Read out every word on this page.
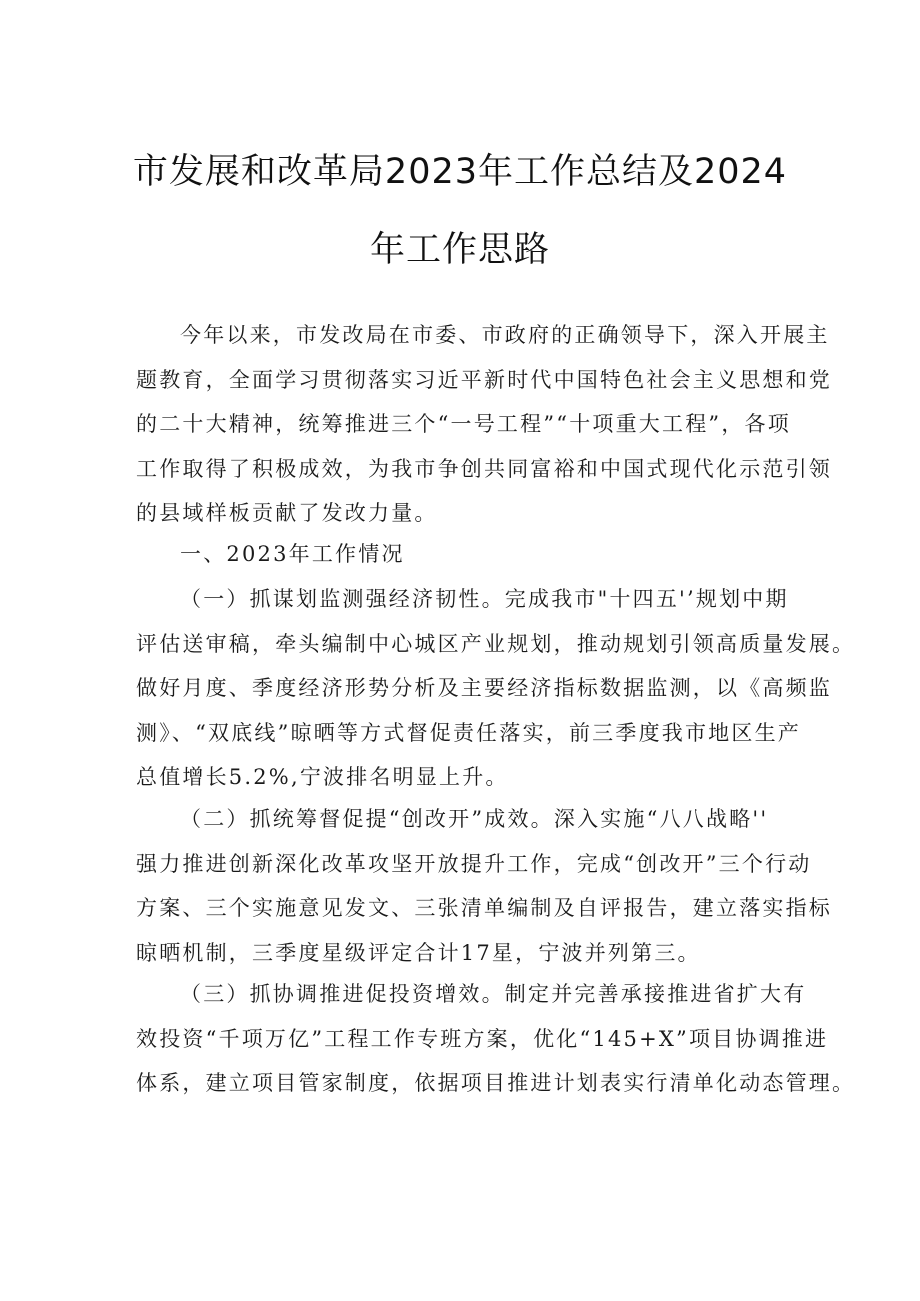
市发展和改革局2023年工作总结及2024
年工作思路
今年以来，市发改局在市委、市政府的正确领导下，深入开展主
题教育，全面学习贯彻落实习近平新时代中国特色社会主义思想和党
的二十大精神，统筹推进三个“一号工程”“十项重大工程”，各项
工作取得了积极成效，为我市争创共同富裕和中国式现代化示范引领
的县域样板贡献了发改力量。
一、2023年工作情况
（一）抓谋划监测强经济韧性。完成我市"十四五'’规划中期
评估送审稿，牵头编制中心城区产业规划，推动规划引领高质量发展。
做好月度、季度经济形势分析及主要经济指标数据监测，以《高频监
测》、“双底线”晾晒等方式督促责任落实，前三季度我市地区生产
总值增长5.2%,宁波排名明显上升。
（二）抓统筹督促提“创改开”成效。深入实施“八八战略''
强力推进创新深化改革攻坚开放提升工作，完成“创改开”三个行动
方案、三个实施意见发文、三张清单编制及自评报告，建立落实指标
晾晒机制，三季度星级评定合计17星，宁波并列第三。
（三）抓协调推进促投资增效。制定并完善承接推进省扩大有
效投资“千项万亿”工程工作专班方案，优化“145+X”项目协调推进
体系，建立项目管家制度，依据项目推进计划表实行清单化动态管理。
